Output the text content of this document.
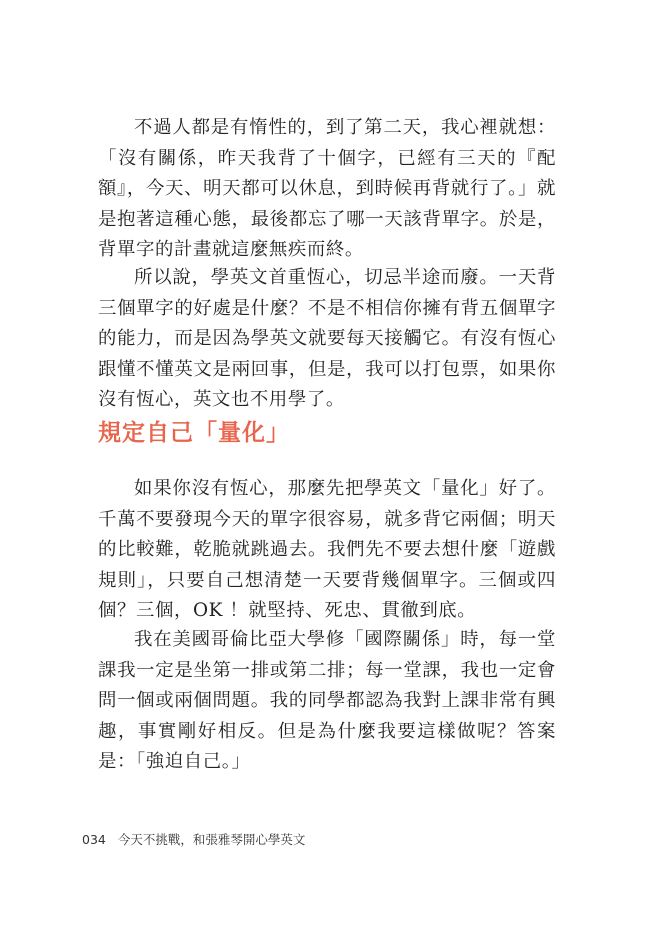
不過人都是有惰性的，到了第二天，我心裡就想：「沒有關係，昨天我背了十個字，已經有三天的『配額』，今天、明天都可以休息，到時候再背就行了。」就是抱著這種心態，最後都忘了哪一天該背單字。於是，背單字的計畫就這麼無疾而終。

所以說，學英文首重恆心，切忌半途而廢。一天背三個單字的好處是什麼？不是不相信你擁有背五個單字的能力，而是因為學英文就要每天接觸它。有沒有恆心跟懂不懂英文是兩回事，但是，我可以打包票，如果你沒有恆心，英文也不用學了。

規定自己「量化」

如果你沒有恆心，那麼先把學英文「量化」好了。千萬不要發現今天的單字很容易，就多背它兩個；明天的比較難，乾脆就跳過去。我們先不要去想什麼「遊戲規則」，只要自己想清楚一天要背幾個單字。三個或四個？三個，OK ！就堅持、死忠、貫徹到底。

我在美國哥倫比亞大學修「國際關係」時，每一堂課我一定是坐第一排或第二排；每一堂課，我也一定會問一個或兩個問題。我的同學都認為我對上課非常有興趣，事實剛好相反。但是為什麼我要這樣做呢？答案是：「強迫自己。」

034 今天不挑戰，和張雅琴開心學英文
